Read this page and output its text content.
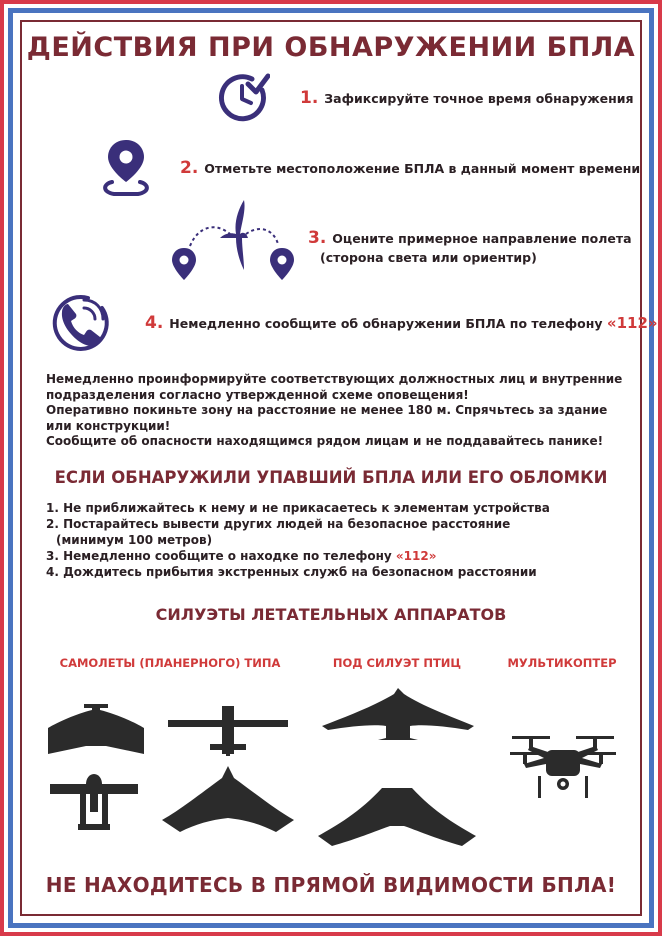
ДЕЙСТВИЯ ПРИ ОБНАРУЖЕНИИ БПЛА
1. Зафиксируйте точное время обнаружения
2. Отметьте местоположение БПЛА в данный момент времени
3. Оцените примерное направление полета
(сторона света или ориентир)
4. Немедленно сообщите об обнаружении БПЛА по телефону «112»
Немедленно проинформируйте соответствующих должностных лиц и внутренние подразделения согласно утвержденной схеме оповещения!
Оперативно покиньте зону на расстояние не менее 180 м. Спрячьтесь за здание или конструкции!
Сообщите об опасности находящимся рядом лицам и не поддавайтесь панике!
ЕСЛИ ОБНАРУЖИЛИ УПАВШИЙ БПЛА ИЛИ ЕГО ОБЛОМКИ
1. Не приближайтесь к нему и не прикасаетесь к элементам устройства
2. Постарайтесь вывести других людей на безопасное расстояние
(минимум 100 метров)
3. Немедленно сообщите о находке по телефону «112»
4. Дождитесь прибытия экстренных служб на безопасном расстоянии
СИЛУЭТЫ ЛЕТАТЕЛЬНЫХ АППАРАТОВ
САМОЛЕТЫ (ПЛАНЕРНОГО) ТИПА	ПОД СИЛУЭТ ПТИЦ	МУЛЬТИКОПТЕР
НЕ НАХОДИТЕСЬ В ПРЯМОЙ ВИДИМОСТИ БПЛА!
